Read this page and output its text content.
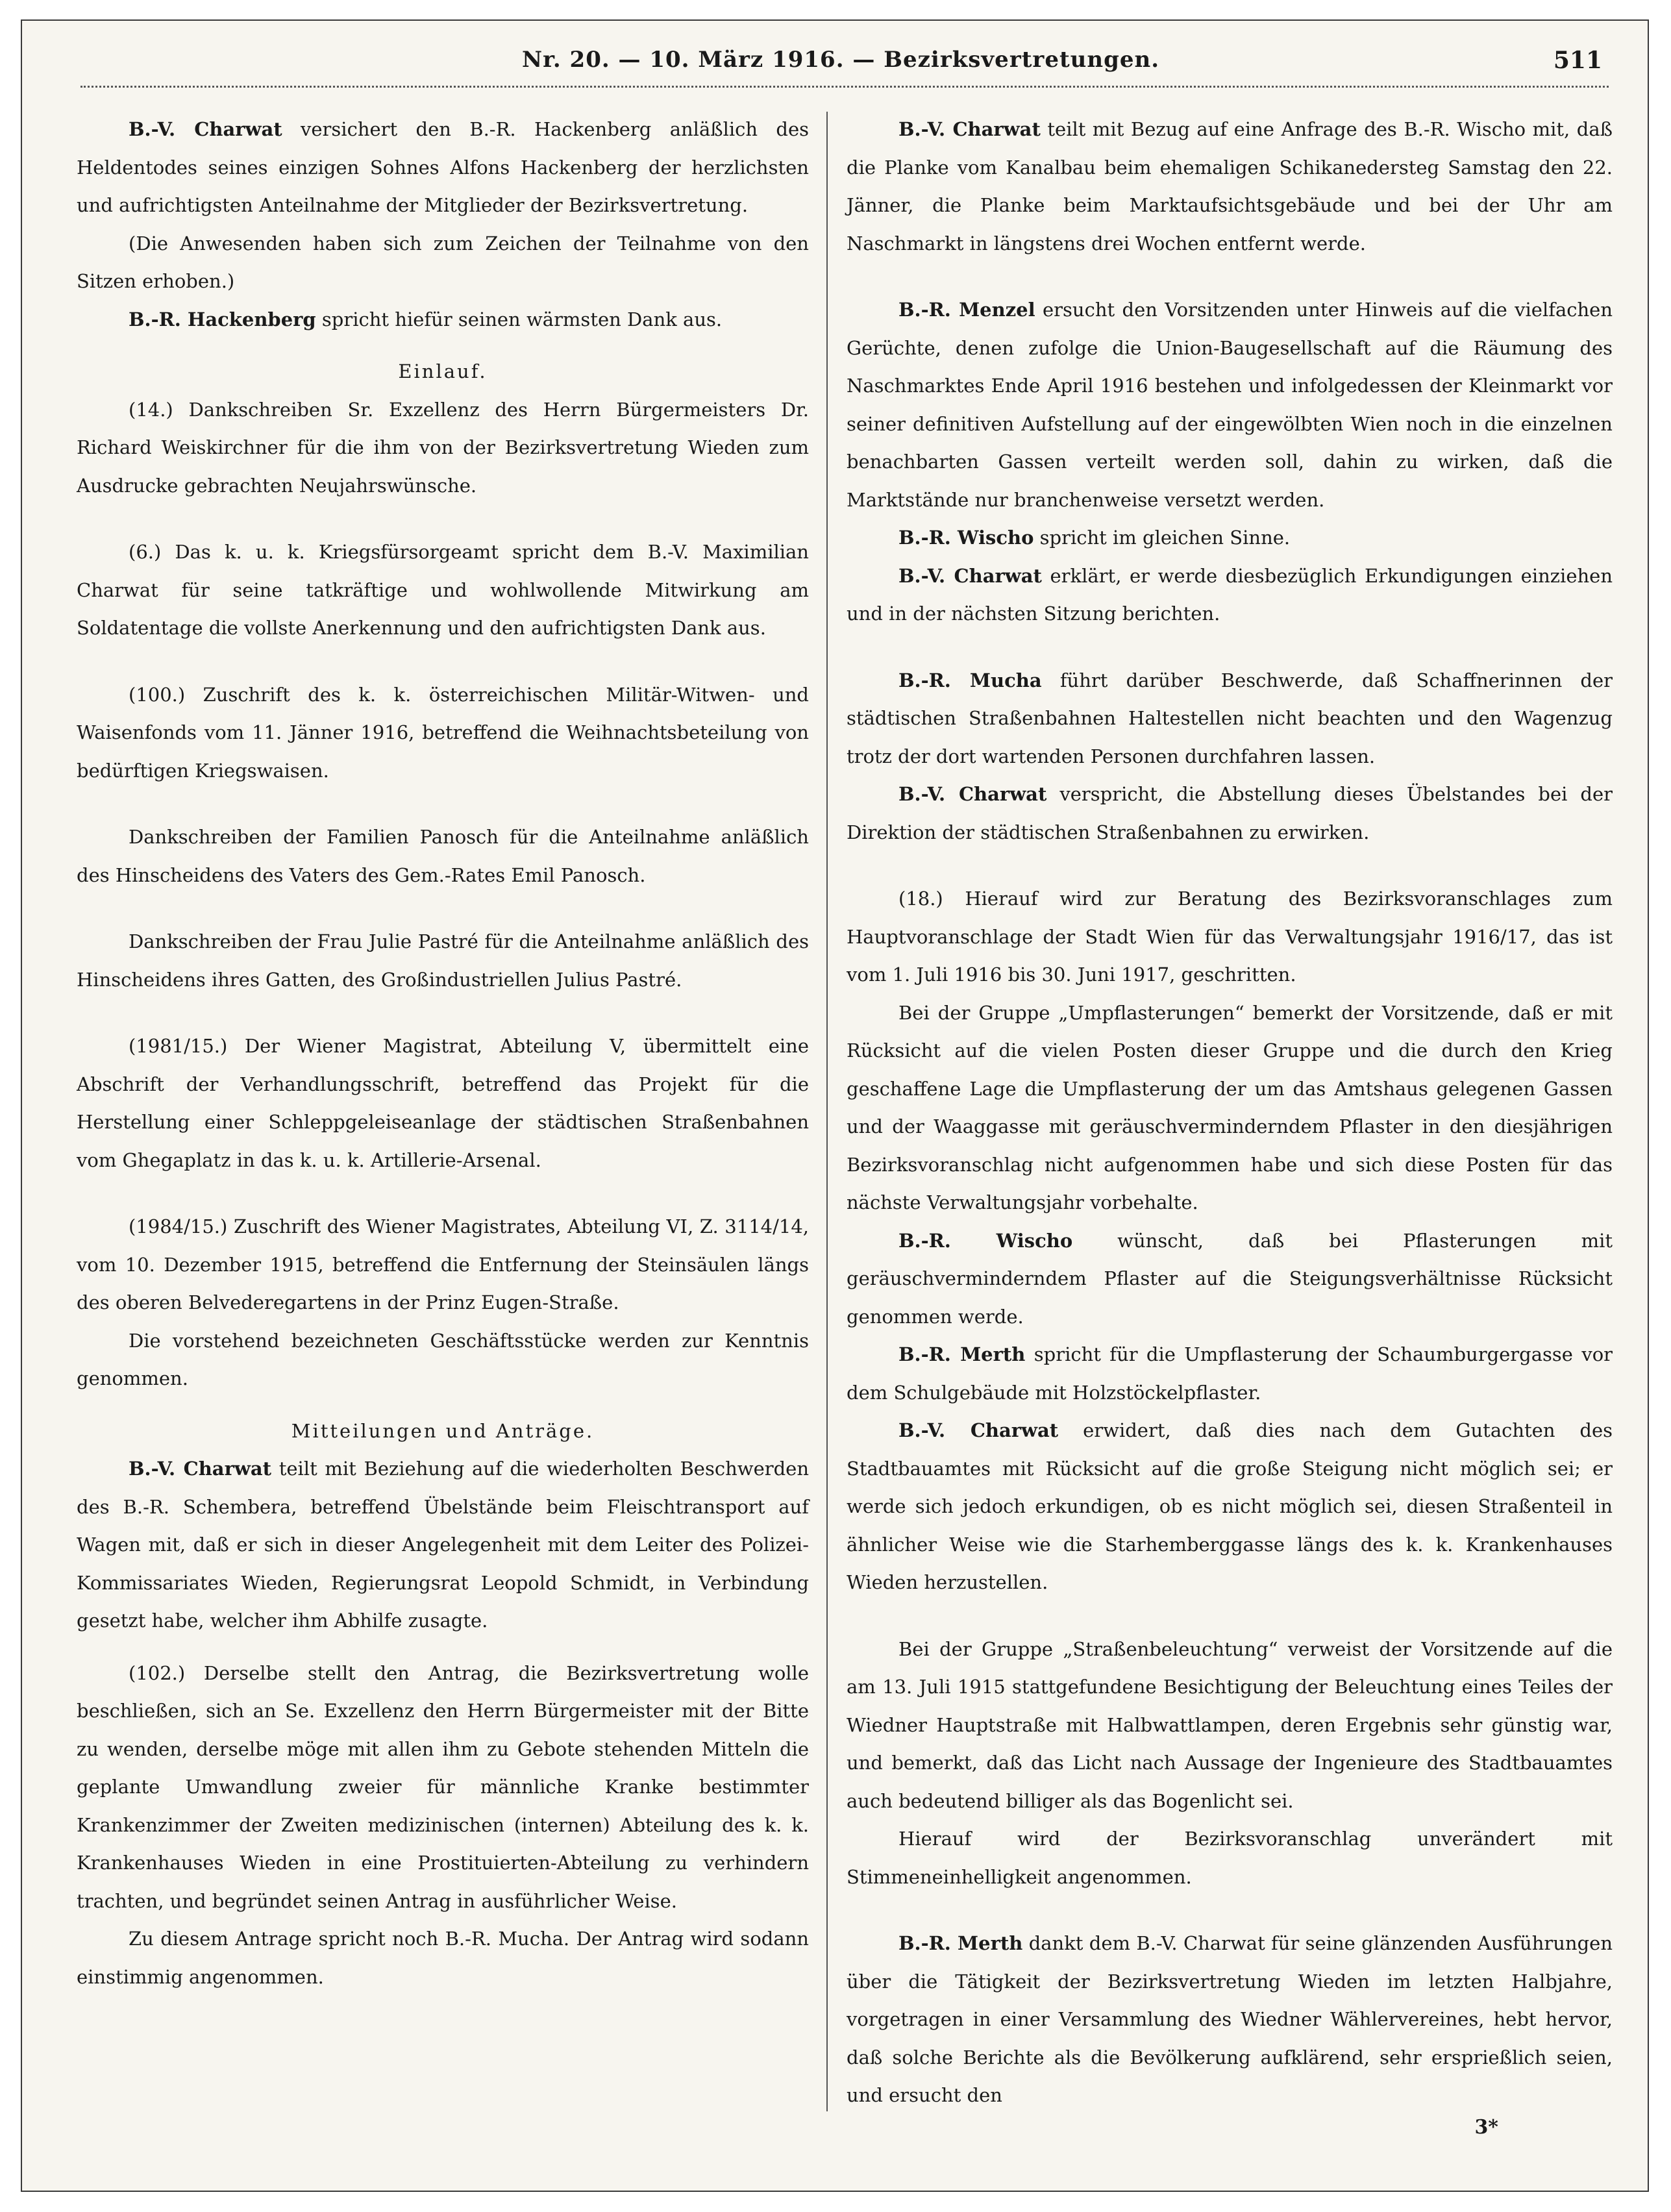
Nr. 20. — 10. März 1916. — Bezirksvertretungen.	511

B.-V. Charwat versichert den B.-R. Hackenberg anläßlich des Heldentodes seines einzigen Sohnes Alfons Hackenberg der herzlichsten und aufrichtigsten Anteilnahme der Mitglieder der Bezirksvertretung.

(Die Anwesenden haben sich zum Zeichen der Teilnahme von den Sitzen erhoben.)

B.-R. Hackenberg spricht hiefür seinen wärmsten Dank aus.

Einlauf.

(14.) Dankschreiben Sr. Exzellenz des Herrn Bürgermeisters Dr. Richard Weiskirchner für die ihm von der Bezirksvertretung Wieden zum Ausdrucke gebrachten Neujahrswünsche.

(6.) Das k. u. k. Kriegsfürsorgeamt spricht dem B.-V. Maximilian Charwat für seine tatkräftige und wohlwollende Mitwirkung am Soldatentage die vollste Anerkennung und den aufrichtigsten Dank aus.

(100.) Zuschrift des k. k. österreichischen Militär-Witwen- und Waisenfonds vom 11. Jänner 1916, betreffend die Weihnachtsbeteilung von bedürftigen Kriegswaisen.

Dankschreiben der Familien Panosch für die Anteilnahme anläßlich des Hinscheidens des Vaters des Gem.-Rates Emil Panosch.

Dankschreiben der Frau Julie Pastré für die Anteilnahme anläßlich des Hinscheidens ihres Gatten, des Großindustriellen Julius Pastré.

(1981/15.) Der Wiener Magistrat, Abteilung V, übermittelt eine Abschrift der Verhandlungsschrift, betreffend das Projekt für die Herstellung einer Schleppgeleiseanlage der städtischen Straßenbahnen vom Ghegaplatz in das k. u. k. Artillerie-Arsenal.

(1984/15.) Zuschrift des Wiener Magistrates, Abteilung VI, Z. 3114/14, vom 10. Dezember 1915, betreffend die Entfernung der Steinsäulen längs des oberen Belvederegartens in der Prinz Eugen-Straße.

Die vorstehend bezeichneten Geschäftsstücke werden zur Kenntnis genommen.

Mitteilungen und Anträge.

B.-V. Charwat teilt mit Beziehung auf die wiederholten Beschwerden des B.-R. Schembera, betreffend Übelstände beim Fleischtransport auf Wagen mit, daß er sich in dieser Angelegenheit mit dem Leiter des Polizei-Kommissariates Wieden, Regierungsrat Leopold Schmidt, in Verbindung gesetzt habe, welcher ihm Abhilfe zusagte.

(102.) Derselbe stellt den Antrag, die Bezirksvertretung wolle beschließen, sich an Se. Exzellenz den Herrn Bürgermeister mit der Bitte zu wenden, derselbe möge mit allen ihm zu Gebote stehenden Mitteln die geplante Umwandlung zweier für männliche Kranke bestimmter Krankenzimmer der Zweiten medizinischen (internen) Abteilung des k. k. Krankenhauses Wieden in eine Prostituierten-Abteilung zu verhindern trachten, und begründet seinen Antrag in ausführlicher Weise.

Zu diesem Antrage spricht noch B.-R. Mucha. Der Antrag wird sodann einstimmig angenommen.

B.-V. Charwat teilt mit Bezug auf eine Anfrage des B.-R. Wischo mit, daß die Planke vom Kanalbau beim ehemaligen Schikanedersteg Samstag den 22. Jänner, die Planke beim Marktaufsichtsgebäude und bei der Uhr am Naschmarkt in längstens drei Wochen entfernt werde.

B.-R. Menzel ersucht den Vorsitzenden unter Hinweis auf die vielfachen Gerüchte, denen zufolge die Union-Baugesellschaft auf die Räumung des Naschmarktes Ende April 1916 bestehen und infolgedessen der Kleinmarkt vor seiner definitiven Aufstellung auf der eingewölbten Wien noch in die einzelnen benachbarten Gassen verteilt werden soll, dahin zu wirken, daß die Marktstände nur branchenweise versetzt werden.

B.-R. Wischo spricht im gleichen Sinne.

B.-V. Charwat erklärt, er werde diesbezüglich Erkundigungen einziehen und in der nächsten Sitzung berichten.

B.-R. Mucha führt darüber Beschwerde, daß Schaffnerinnen der städtischen Straßenbahnen Haltestellen nicht beachten und den Wagenzug trotz der dort wartenden Personen durchfahren lassen.

B.-V. Charwat verspricht, die Abstellung dieses Übelstandes bei der Direktion der städtischen Straßenbahnen zu erwirken.

(18.) Hierauf wird zur Beratung des Bezirksvoranschlages zum Hauptvoranschlage der Stadt Wien für das Verwaltungsjahr 1916/17, das ist vom 1. Juli 1916 bis 30. Juni 1917, geschritten.

Bei der Gruppe „Umpflasterungen“ bemerkt der Vorsitzende, daß er mit Rücksicht auf die vielen Posten dieser Gruppe und die durch den Krieg geschaffene Lage die Umpflasterung der um das Amtshaus gelegenen Gassen und der Waaggasse mit geräuschverminderndem Pflaster in den diesjährigen Bezirksvoranschlag nicht aufgenommen habe und sich diese Posten für das nächste Verwaltungsjahr vorbehalte.

B.-R. Wischo wünscht, daß bei Pflasterungen mit geräuschverminderndem Pflaster auf die Steigungsverhältnisse Rücksicht genommen werde.

B.-R. Merth spricht für die Umpflasterung der Schaumburgergasse vor dem Schulgebäude mit Holzstöckelpflaster.

B.-V. Charwat erwidert, daß dies nach dem Gutachten des Stadtbauamtes mit Rücksicht auf die große Steigung nicht möglich sei; er werde sich jedoch erkundigen, ob es nicht möglich sei, diesen Straßenteil in ähnlicher Weise wie die Starhemberggasse längs des k. k. Krankenhauses Wieden herzustellen.

Bei der Gruppe „Straßenbeleuchtung“ verweist der Vorsitzende auf die am 13. Juli 1915 stattgefundene Besichtigung der Beleuchtung eines Teiles der Wiedner Hauptstraße mit Halbwattlampen, deren Ergebnis sehr günstig war, und bemerkt, daß das Licht nach Aussage der Ingenieure des Stadtbauamtes auch bedeutend billiger als das Bogenlicht sei.

Hierauf wird der Bezirksvoranschlag unverändert mit Stimmeneinhelligkeit angenommen.

B.-R. Merth dankt dem B.-V. Charwat für seine glänzenden Ausführungen über die Tätigkeit der Bezirksvertretung Wieden im letzten Halbjahre, vorgetragen in einer Versammlung des Wiedner Wählervereines, hebt hervor, daß solche Berichte als die Bevölkerung aufklärend, sehr ersprießlich seien, und ersucht den

3*
